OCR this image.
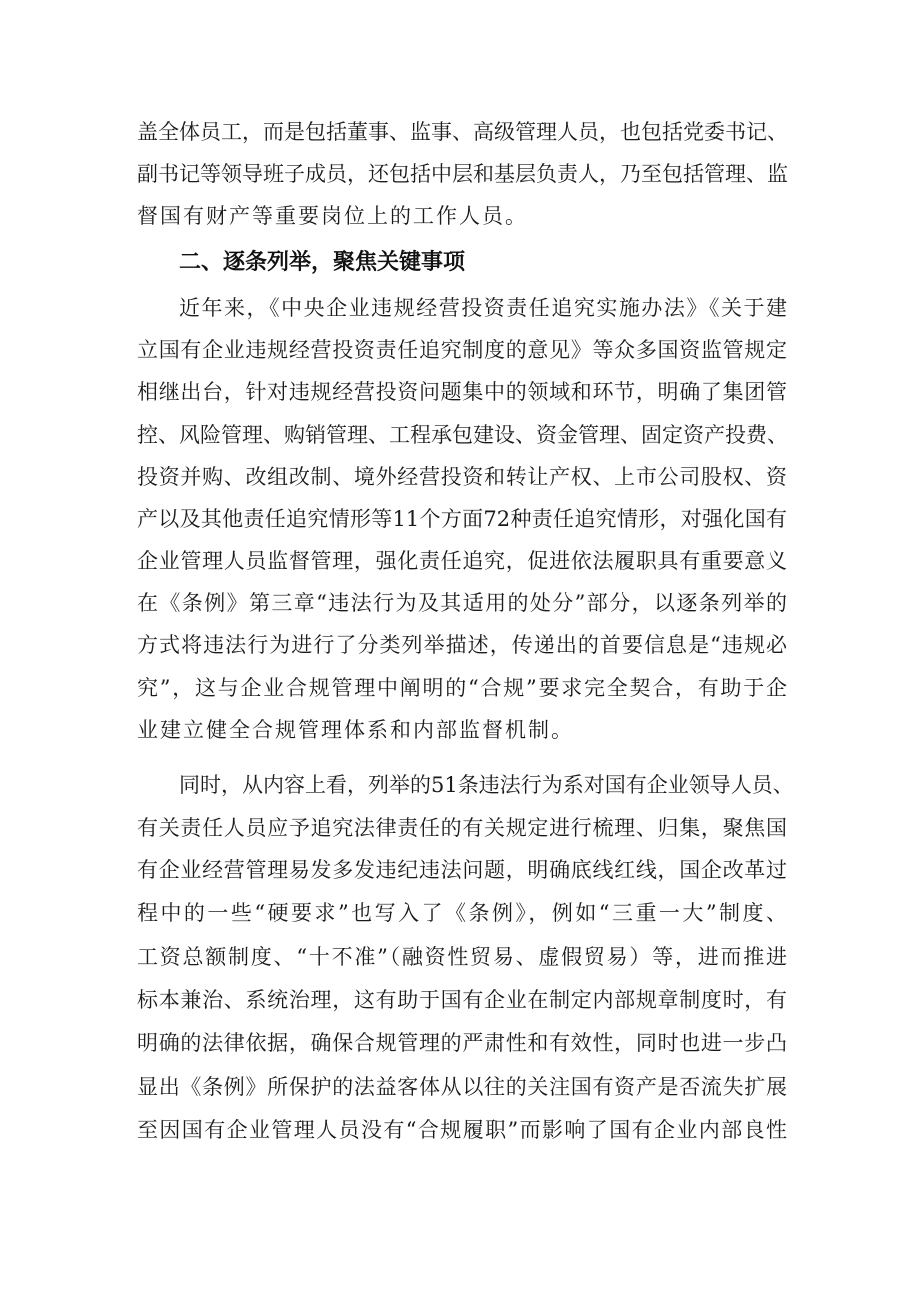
盖全体员工，而是包括董事、监事、高级管理人员，也包括党委书记、
副书记等领导班子成员，还包括中层和基层负责人，乃至包括管理、监
督国有财产等重要岗位上的工作人员。
二、逐条列举，聚焦关键事项
近年来，《中央企业违规经营投资责任追究实施办法》《关于建
立国有企业违规经营投资责任追究制度的意见》等众多国资监管规定
相继出台，针对违规经营投资问题集中的领域和环节，明确了集团管
控、风险管理、购销管理、工程承包建设、资金管理、固定资产投费、
投资并购、改组改制、境外经营投资和转让产权、上市公司股权、资
产以及其他责任追究情形等11个方面72种责任追究情形，对强化国有
企业管理人员监督管理，强化责任追究，促进依法履职具有重要意义
在《条例》第三章“违法行为及其适用的处分”部分，以逐条列举的
方式将违法行为进行了分类列举描述，传递出的首要信息是“违规必
究”，这与企业合规管理中阐明的“合规”要求完全契合，有助于企
业建立健全合规管理体系和内部监督机制。
同时，从内容上看，列举的51条违法行为系对国有企业领导人员、
有关责任人员应予追究法律责任的有关规定进行梳理、归集，聚焦国
有企业经营管理易发多发违纪违法问题，明确底线红线，国企改革过
程中的一些“硬要求”也写入了《条例》，例如“三重一大”制度、
工资总额制度、“十不准”（融资性贸易、虚假贸易）等，进而推进
标本兼治、系统治理，这有助于国有企业在制定内部规章制度时，有
明确的法律依据，确保合规管理的严肃性和有效性，同时也进一步凸
显出《条例》所保护的法益客体从以往的关注国有资产是否流失扩展
至因国有企业管理人员没有“合规履职”而影响了国有企业内部良性
